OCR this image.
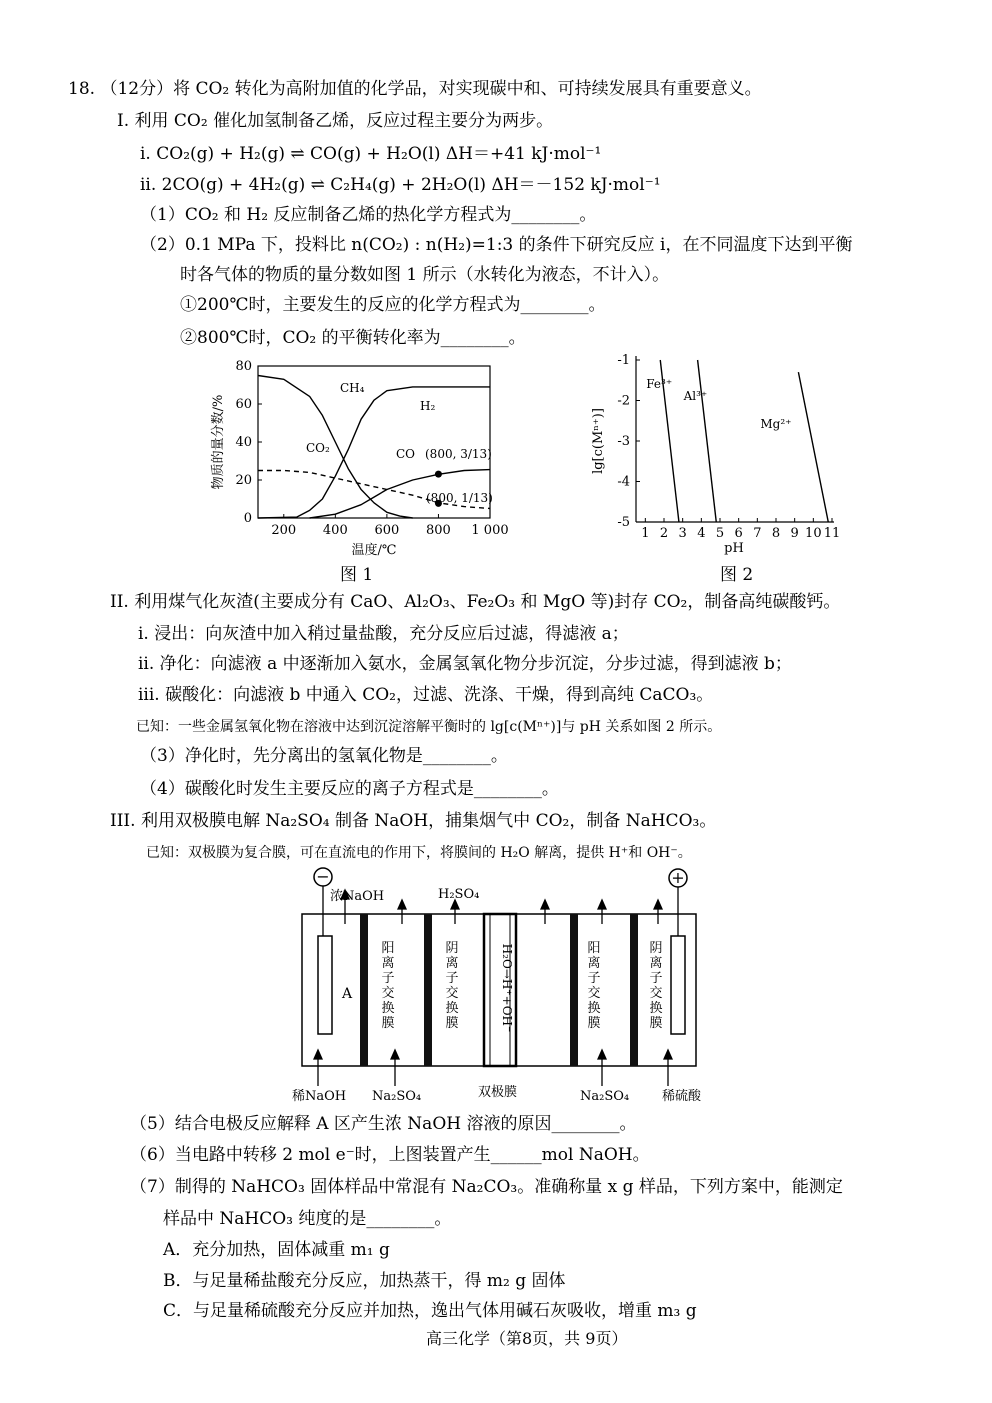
18. （12分）将 CO₂ 转化为高附加值的化学品，对实现碳中和、可持续发展具有重要意义。
I. 利用 CO₂ 催化加氢制备乙烯，反应过程主要分为两步。
i. CO₂(g) + H₂(g) ⇌ CO(g) + H₂O(l) ΔH＝+41 kJ·mol⁻¹
ii. 2CO(g) + 4H₂(g) ⇌ C₂H₄(g) + 2H₂O(l) ΔH＝－152 kJ·mol⁻¹
（1）CO₂ 和 H₂ 反应制备乙烯的热化学方程式为________。
（2）0.1 MPa 下，投料比 n(CO₂) : n(H₂)=1:3 的条件下研究反应 i，在不同温度下达到平衡
时各气体的物质的量分数如图 1 所示（水转化为液态，不计入）。
①200℃时，主要发生的反应的化学方程式为________。
②800℃时，CO₂ 的平衡转化率为________。
200 400 600 800 1 000
0
20
40
60
80
温度/℃
物质的量分数/%
CH₄
H₂
CO₂	CO (800, 3/13)
(800, 1/13)
图 1
1 2 3 4 5 6 7 8 9 10 11
-1
-2
-3
-4
-5
pH
lg[c(Mⁿ⁺)]
Fe³⁺
Al³⁺
Mg²⁺
图 2
II. 利用煤气化灰渣(主要成分有 CaO、Al₂O₃、Fe₂O₃ 和 MgO 等)封存 CO₂，制备高纯碳酸钙。
i. 浸出：向灰渣中加入稍过量盐酸，充分反应后过滤，得滤液 a；
ii. 净化：向滤液 a 中逐渐加入氨水，金属氢氧化物分步沉淀，分步过滤，得到滤液 b；
iii. 碳酸化：向滤液 b 中通入 CO₂，过滤、洗涤、干燥，得到高纯 CaCO₃。
已知：一些金属氢氧化物在溶液中达到沉淀溶解平衡时的 lg[c(Mⁿ⁺)]与 pH 关系如图 2 所示。
（3）净化时，先分离出的氢氧化物是________。
（4）碳酸化时发生主要反应的离子方程式是________。
III. 利用双极膜电解 Na₂SO₄ 制备 NaOH，捕集烟气中 CO₂，制备 NaHCO₃。
已知：双极膜为复合膜，可在直流电的作用下，将膜间的 H₂O 解离，提供 H⁺和 OH⁻。
−	+
A
阳离子交换膜
阴离子交换膜
阳离子交换膜
阴离子交换膜
H₂O→H⁺+OH⁻
浓NaOH	H₂SO₄
稀NaOH Na₂SO₄	双极膜	Na₂SO₄	稀硫酸
（5）结合电极反应解释 A 区产生浓 NaOH 溶液的原因________。
（6）当电路中转移 2 mol e⁻时，上图装置产生______mol NaOH。
（7）制得的 NaHCO₃ 固体样品中常混有 Na₂CO₃。准确称量 x g 样品，下列方案中，能测定
样品中 NaHCO₃ 纯度的是________。
A．充分加热，固体减重 m₁ g
B．与足量稀盐酸充分反应，加热蒸干，得 m₂ g 固体
C．与足量稀硫酸充分反应并加热，逸出气体用碱石灰吸收，增重 m₃ g
高三化学（第8页，共 9页）
